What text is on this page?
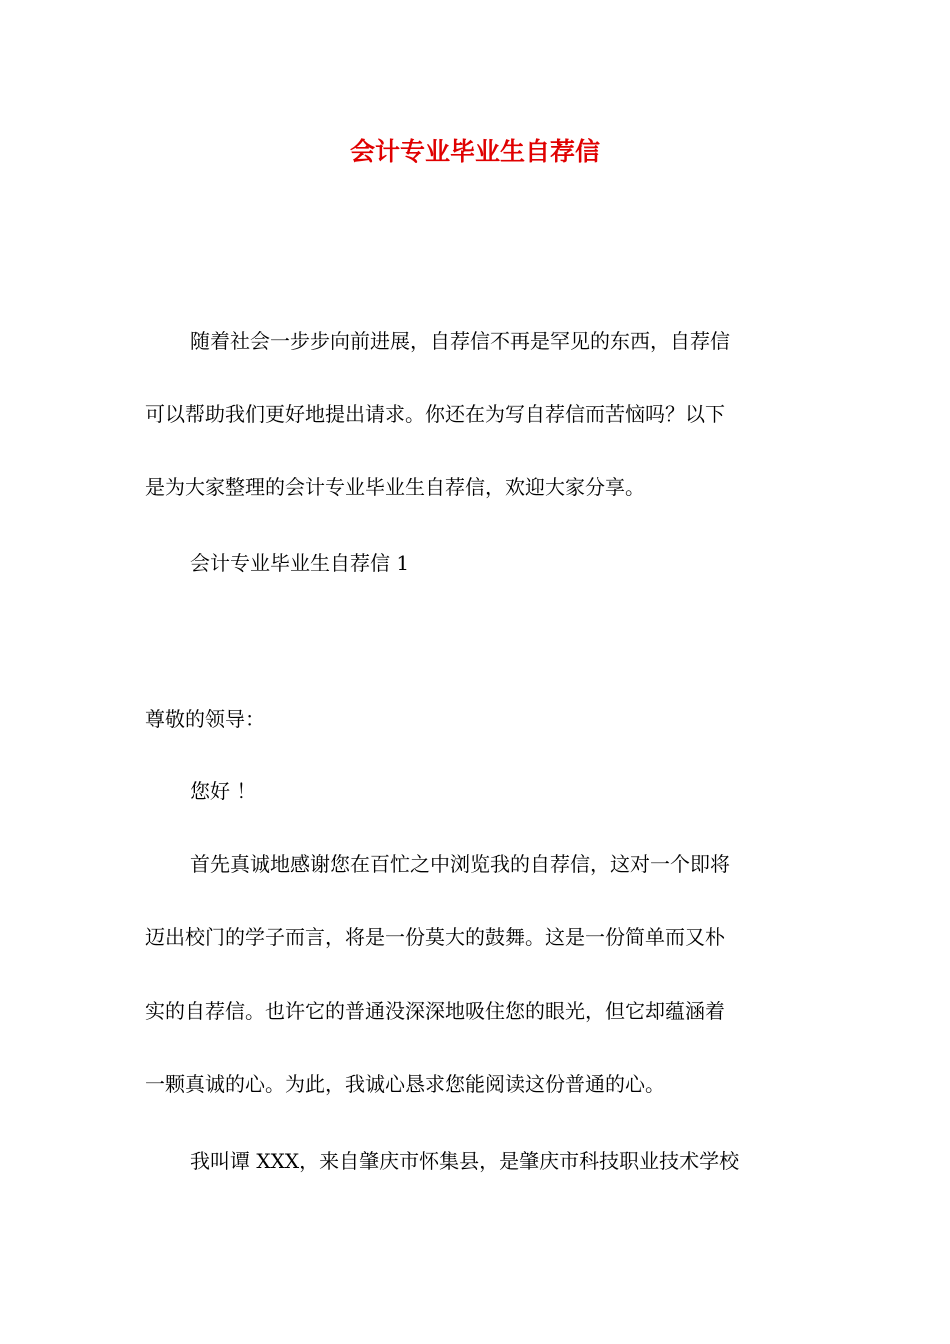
会计专业毕业生自荐信

随着社会一步步向前进展，自荐信不再是罕见的东西，自荐信

可以帮助我们更好地提出请求。你还在为写自荐信而苦恼吗？以下

是为大家整理的会计专业毕业生自荐信，欢迎大家分享。

会计专业毕业生自荐信 1

尊敬的领导：

您好 ！

首先真诚地感谢您在百忙之中浏览我的自荐信，这对一个即将

迈出校门的学子而言，将是一份莫大的鼓舞。这是一份简单而又朴

实的自荐信。也许它的普通没深深地吸住您的眼光，但它却蕴涵着

一颗真诚的心。为此，我诚心恳求您能阅读这份普通的心。

我叫谭 XXX，来自肇庆市怀集县，是肇庆市科技职业技术学校
